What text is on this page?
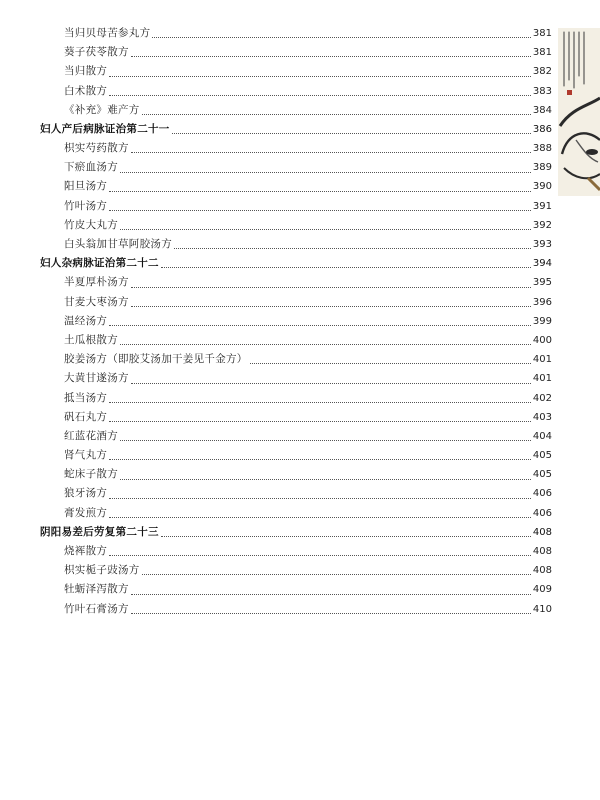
当归贝母苦参丸方	381
葵子茯苓散方	381
当归散方	382
白术散方	383
《补充》难产方	384
妇人产后病脉证治第二十一	386
枳实芍药散方	388
下瘀血汤方	389
阳旦汤方	390
竹叶汤方	391
竹皮大丸方	392
白头翁加甘草阿胶汤方	393
妇人杂病脉证治第二十二	394
半夏厚朴汤方	395
甘麦大枣汤方	396
温经汤方	399
土瓜根散方	400
胶姜汤方（即胶艾汤加干姜见千金方）	401
大黄甘遂汤方	401
抵当汤方	402
矾石丸方	403
红蓝花酒方	404
肾气丸方	405
蛇床子散方	405
狼牙汤方	406
膏发煎方	406
阴阳易差后劳复第二十三	408
烧裈散方	408
枳实栀子豉汤方	408
牡蛎泽泻散方	409
竹叶石膏汤方	410
